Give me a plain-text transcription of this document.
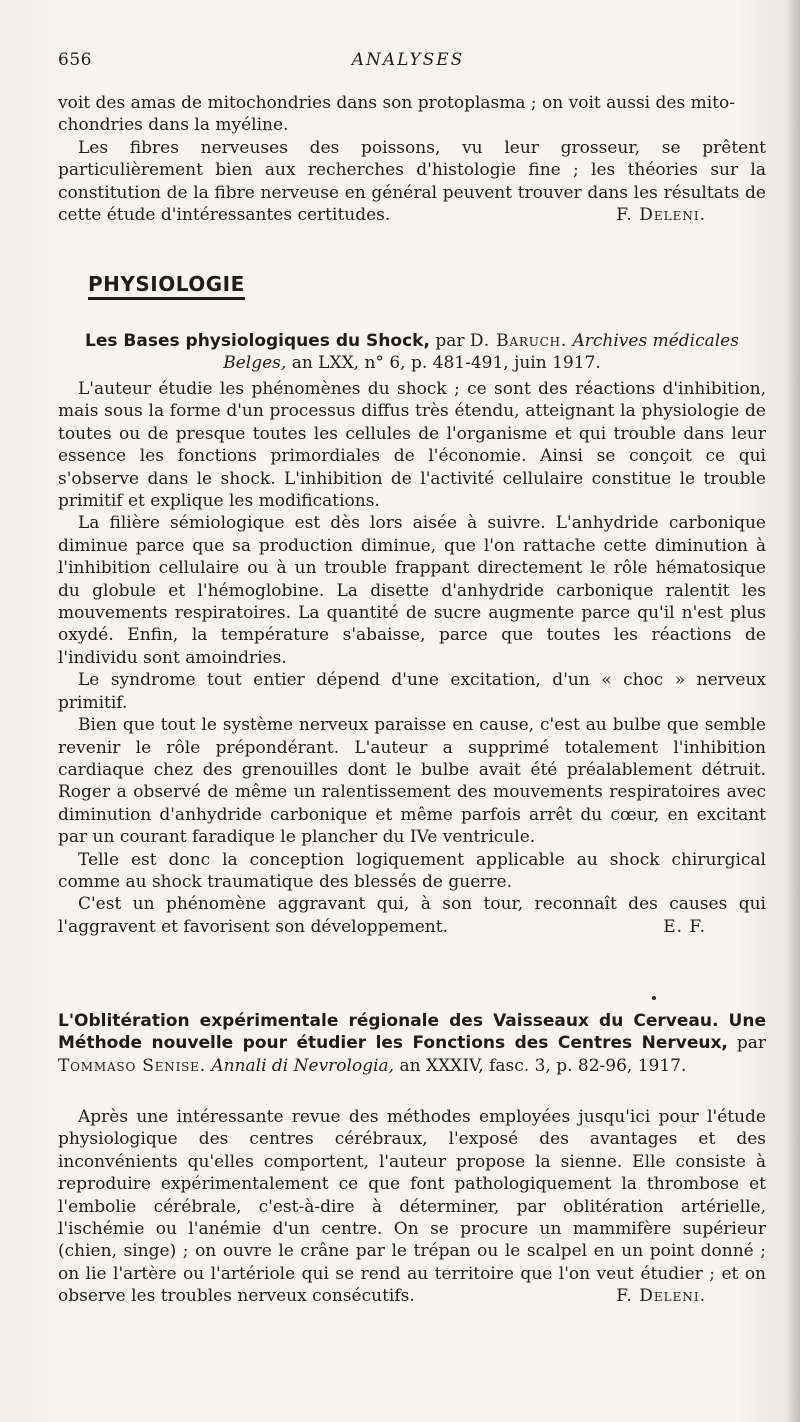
656	ANALYSES

voit des amas de mitochondries dans son protoplasma ; on voit aussi des mito-

chondries dans la myéline.

Les fibres nerveuses des poissons, vu leur grosseur, se prêtent particulièrement bien aux recherches d'histologie fine ; les théories sur la constitution de la fibre nerveuse en général peuvent trouver dans les résultats de cette étude d'intéressantes certitudes.	F. Deleni.

PHYSIOLOGIE
Les Bases physiologiques du Shock, par D. Baruch. Archives médicales Belges, an LXX, n° 6, p. 481-491, juin 1917.

L'auteur étudie les phénomènes du shock ; ce sont des réactions d'inhibition, mais sous la forme d'un processus diffus très étendu, atteignant la physiologie de toutes ou de presque toutes les cellules de l'organisme et qui trouble dans leur essence les fonctions primordiales de l'économie. Ainsi se conçoit ce qui s'observe dans le shock. L'inhibition de l'activité cellulaire constitue le trouble primitif et explique les modifications.

La filière sémiologique est dès lors aisée à suivre. L'anhydride carbonique diminue parce que sa production diminue, que l'on rattache cette diminution à l'inhibition cellulaire ou à un trouble frappant directement le rôle hématosique du globule et l'hémoglobine. La disette d'anhydride carbonique ralentit les mouvements respiratoires. La quantité de sucre augmente parce qu'il n'est plus oxydé. Enfin, la température s'abaisse, parce que toutes les réactions de l'individu sont amoindries.

Le syndrome tout entier dépend d'une excitation, d'un « choc » nerveux primitif.

Bien que tout le système nerveux paraisse en cause, c'est au bulbe que semble revenir le rôle prépondérant. L'auteur a supprimé totalement l'inhibition cardiaque chez des grenouilles dont le bulbe avait été préalablement détruit. Roger a observé de même un ralentissement des mouvements respiratoires avec diminution d'anhydride carbonique et même parfois arrêt du cœur, en excitant par un courant faradique le plancher du IVe ventricule.

Telle est donc la conception logiquement applicable au shock chirurgical comme au shock traumatique des blessés de guerre.

C'est un phénomène aggravant qui, à son tour, reconnaît des causes qui l'aggravent et favorisent son développement.	E. F.

L'Oblitération expérimentale régionale des Vaisseaux du Cerveau. Une Méthode nouvelle pour étudier les Fonctions des Centres Nerveux, par Tommaso Senise. Annali di Nevrologia, an XXXIV, fasc. 3, p. 82-96, 1917.

Après une intéressante revue des méthodes employées jusqu'ici pour l'étude physiologique des centres cérébraux, l'exposé des avantages et des inconvénients qu'elles comportent, l'auteur propose la sienne. Elle consiste à reproduire expérimentalement ce que font pathologiquement la thrombose et l'embolie cérébrale, c'est-à-dire à déterminer, par oblitération artérielle, l'ischémie ou l'anémie d'un centre. On se procure un mammifère supérieur (chien, singe) ; on ouvre le crâne par le trépan ou le scalpel en un point donné ; on lie l'artère ou l'artériole qui se rend au territoire que l'on veut étudier ; et on observe les troubles nerveux consécutifs.	F. Deleni.
